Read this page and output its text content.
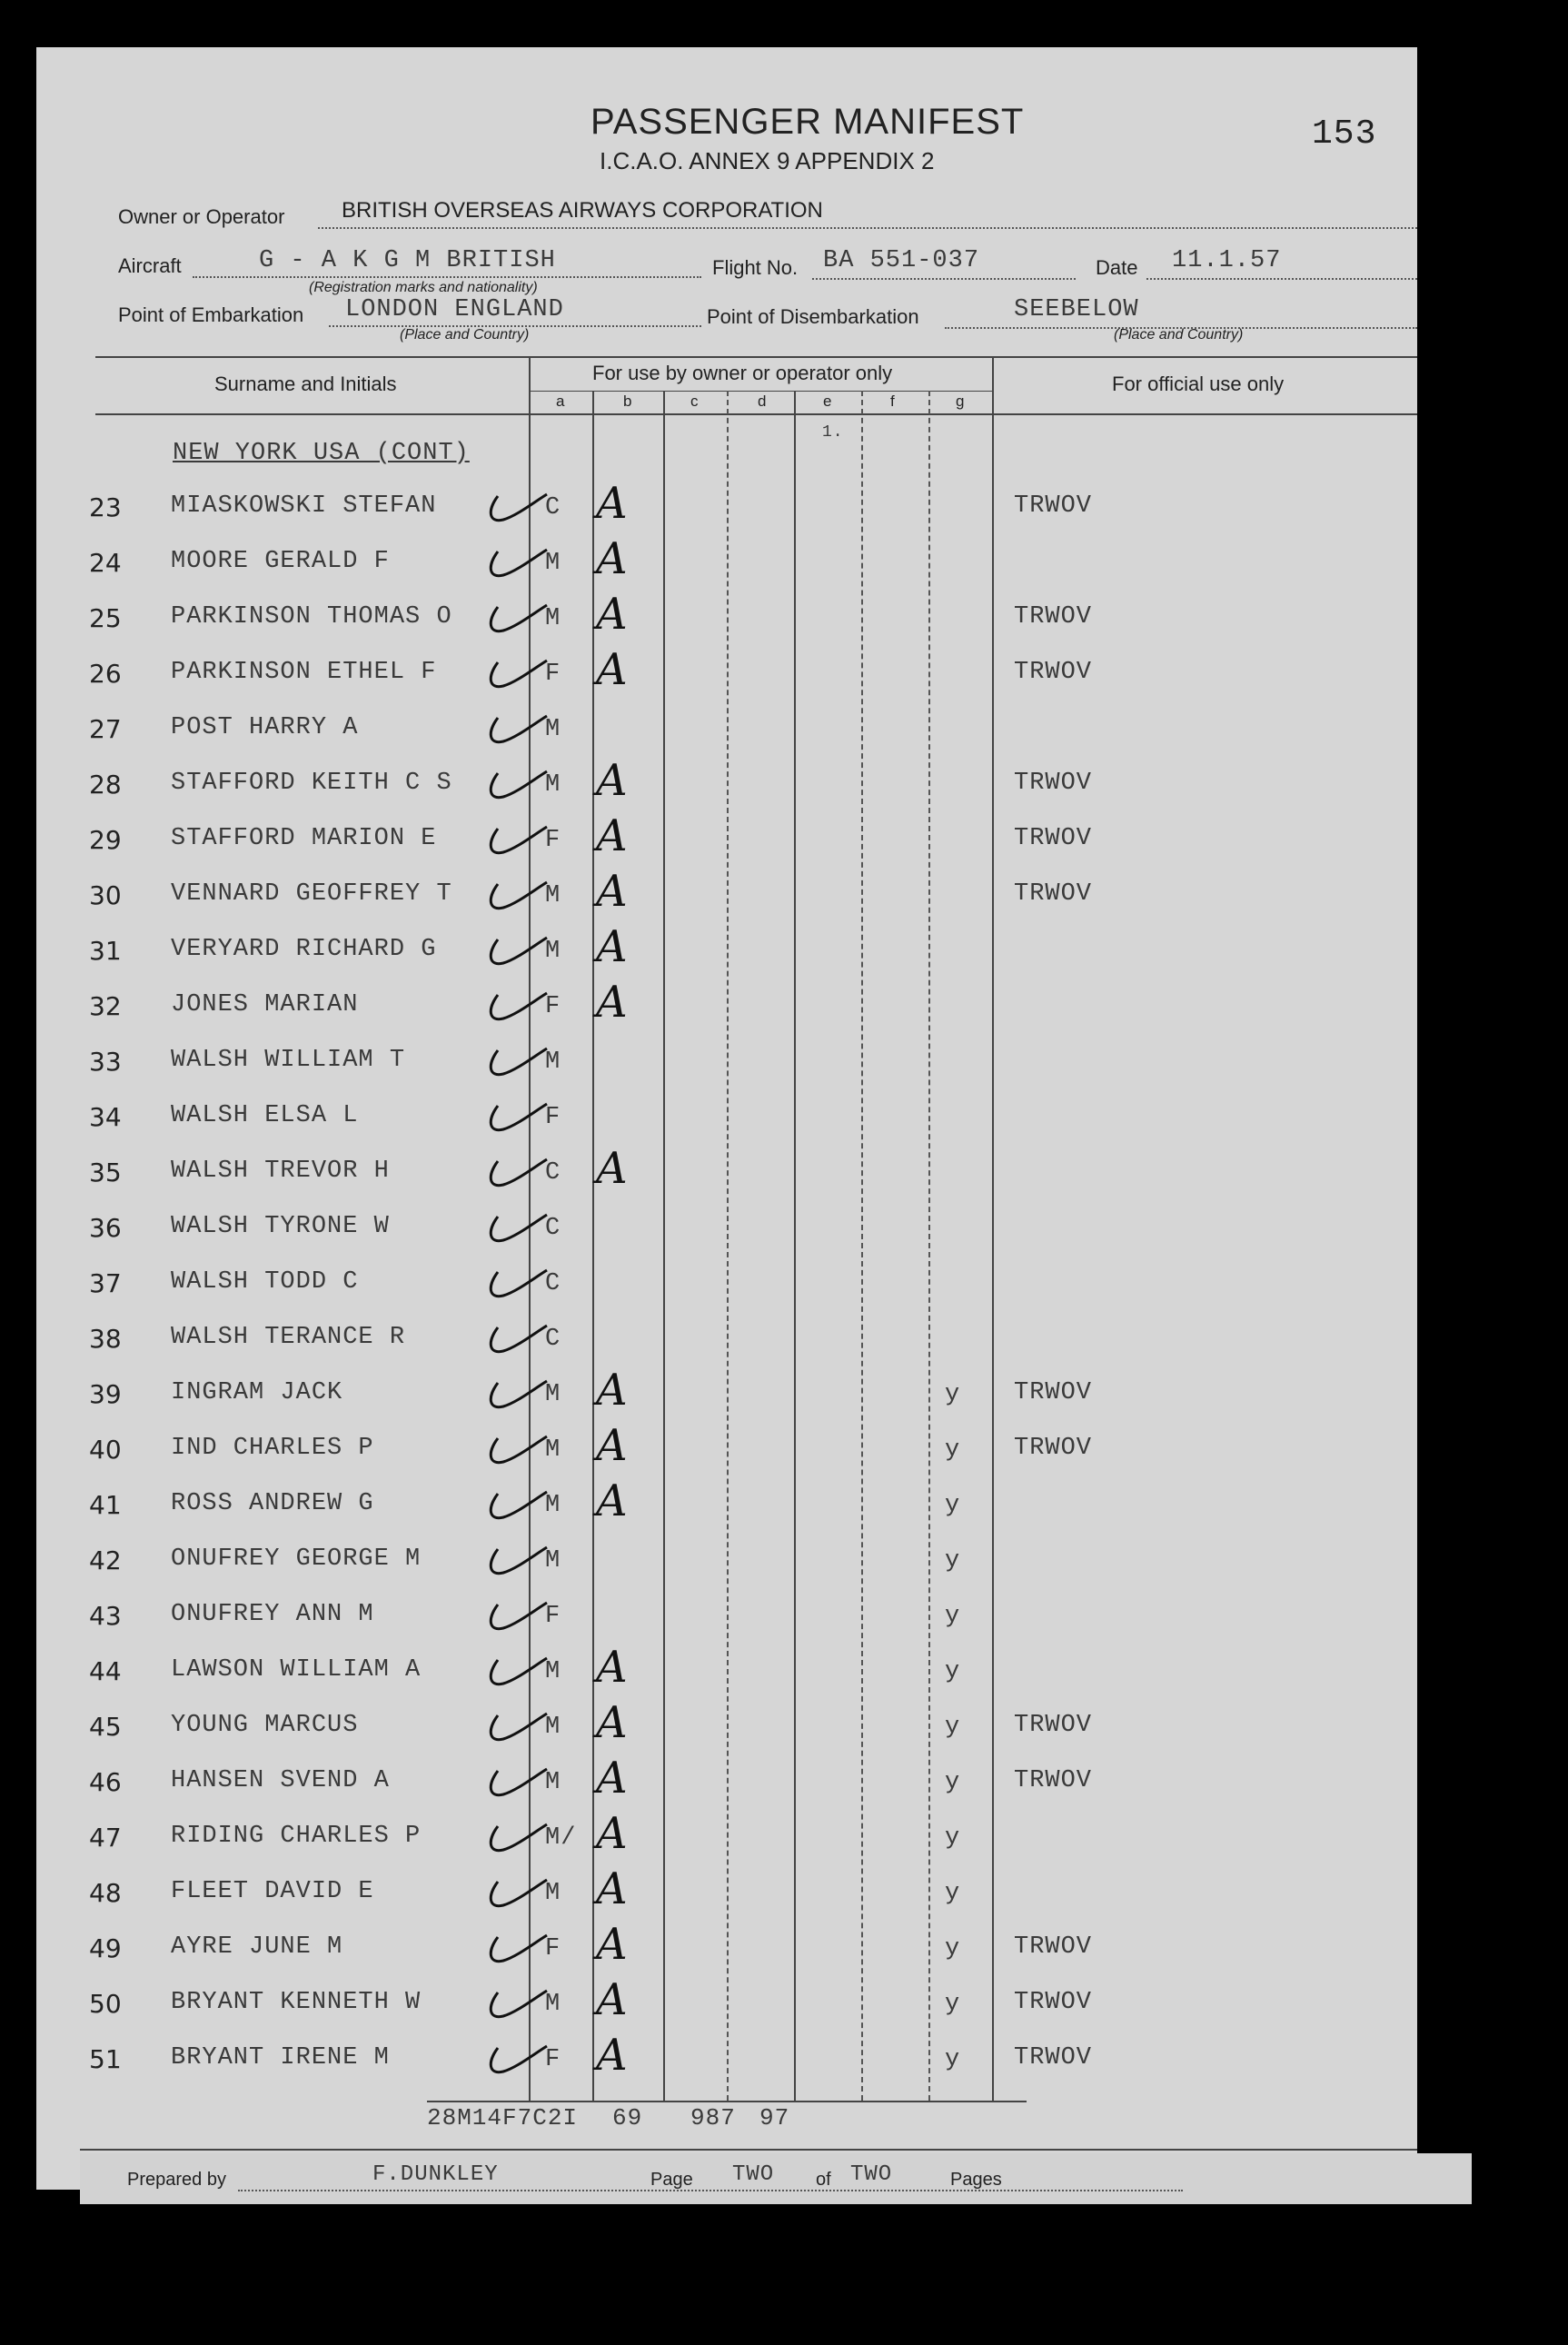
PASSENGER MANIFEST
I.C.A.O. ANNEX 9 APPENDIX 2
153
Owner or Operator	BRITISH OVERSEAS AIRWAYS CORPORATION
Aircraft	G - A K G M BRITISH
(Registration marks and nationality)
Flight No. BA 551-037	Date 11.1.57
Point of Embarkation LONDON ENGLAND
(Place and Country)
Point of Disembarkation	SEEBELOW
(Place and Country)
Surname and Initials	For use by owner or operator only	For official use only
a	b	c	d	e	f	g
NEW YORK USA (CONT)
1.
23 MIASKOWSKI STEFAN	C A	TRWOV
24 MOORE GERALD F	M A
25 PARKINSON THOMAS O	M A	TRWOV
26 PARKINSON ETHEL F	F A	TRWOV
27 POST HARRY A	M
28 STAFFORD KEITH C S	M A	TRWOV
29 STAFFORD MARION E	F A	TRWOV
30 VENNARD GEOFFREY T	M A	TRWOV
31 VERYARD RICHARD G	M A
32 JONES MARIAN	F A
33 WALSH WILLIAM T	M
34 WALSH ELSA L	F
35 WALSH TREVOR H	C A
36 WALSH TYRONE W	C
37 WALSH TODD C	C
38 WALSH TERANCE R	C
39 INGRAM JACK	M A	y TRWOV
40 IND CHARLES P	M A	y TRWOV
41 ROSS ANDREW G	M A	y
42 ONUFREY GEORGE M	M	y
43 ONUFREY ANN M	F	y
44 LAWSON WILLIAM A	M A	y
45 YOUNG MARCUS	M A	y TRWOV
46 HANSEN SVEND A	M A	y TRWOV
47 RIDING CHARLES P	M/ A	y
48 FLEET DAVID E	M A	y
49 AYRE JUNE M	F A	y TRWOV
50 BRYANT KENNETH W	M A	y TRWOV
51 BRYANT IRENE M	F A	y TRWOV
28M14F7C2I 69 987 97
Prepared by	F.DUNKLEY	Page TWO of TWO	Pages
